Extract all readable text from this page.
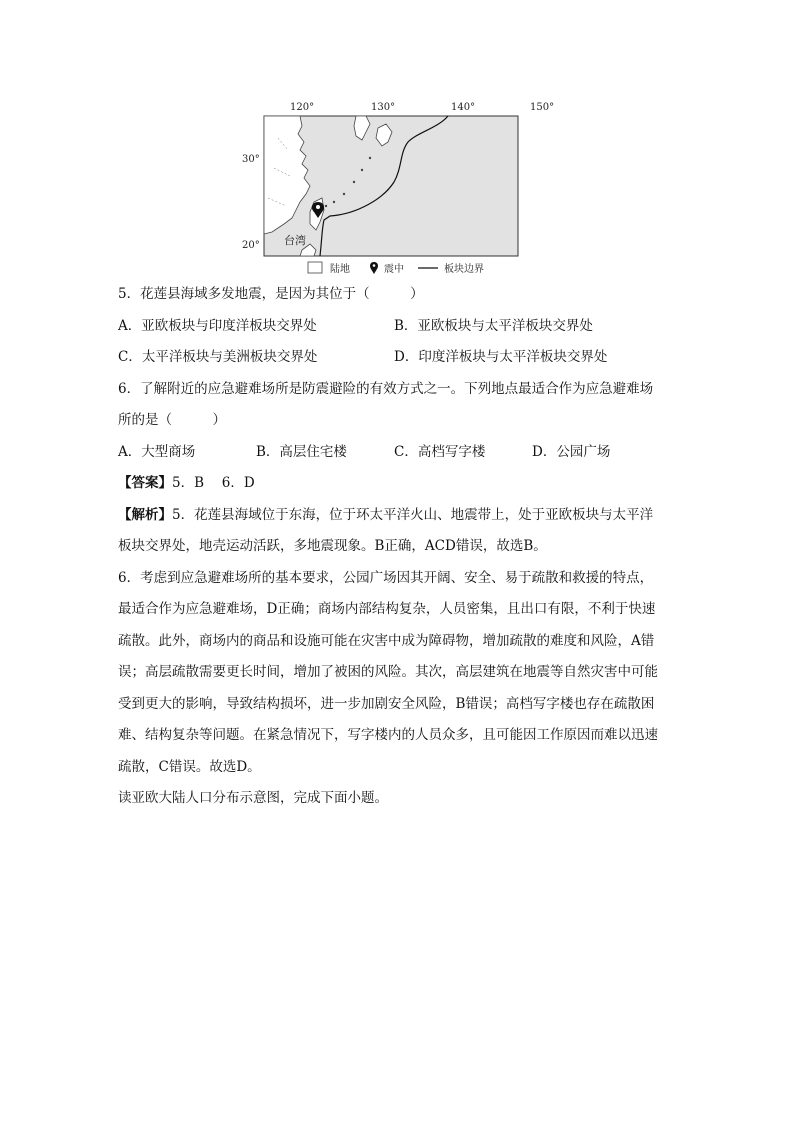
120°	130°	140°	150°
30°
20° 台湾
陆地	震中	板块边界
5．花莲县海域多发地震，是因为其位于（　　　）
A．亚欧板块与印度洋板块交界处	B．亚欧板块与太平洋板块交界处
C．太平洋板块与美洲板块交界处	D．印度洋板块与太平洋板块交界处
6．了解附近的应急避难场所是防震避险的有效方式之一。下列地点最适合作为应急避难场
所的是（　　　）
A．大型商场	B．高层住宅楼	C．高档写字楼	D．公园广场
【答案】5．B　 6．D
【解析】5．花莲县海域位于东海，位于环太平洋火山、地震带上，处于亚欧板块与太平洋
板块交界处，地壳运动活跃，多地震现象。B正确，ACD错误，故选B。
6．考虑到应急避难场所的基本要求，公园广场因其开阔、安全、易于疏散和救援的特点，
最适合作为应急避难场，D正确；商场内部结构复杂，人员密集，且出口有限，不利于快速
疏散。此外，商场内的商品和设施可能在灾害中成为障碍物，增加疏散的难度和风险，A错
误；高层疏散需要更长时间，增加了被困的风险。其次，高层建筑在地震等自然灾害中可能
受到更大的影响，导致结构损坏，进一步加剧安全风险，B错误；高档写字楼也存在疏散困
难、结构复杂等问题。在紧急情况下，写字楼内的人员众多，且可能因工作原因而难以迅速
疏散，C错误。故选D。
读亚欧大陆人口分布示意图，完成下面小题。
